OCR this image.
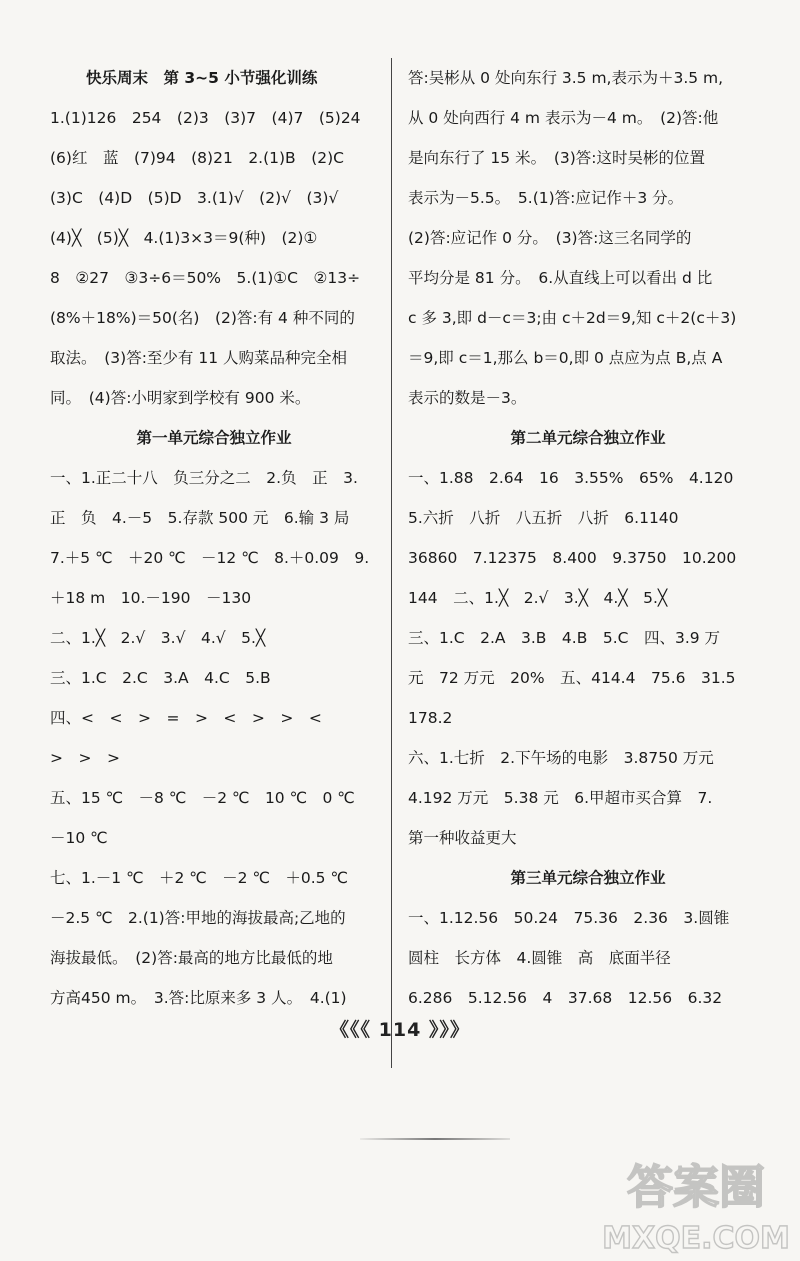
快乐周末　第 3~5 小节强化训练
1.(1)126　254　(2)3　(3)7　(4)7　(5)24
(6)红　蓝　(7)94　(8)21　2.(1)B　(2)C
(3)C　(4)D　(5)D　3.(1)√　(2)√　(3)√
(4)╳　(5)╳　4.(1)3×3＝9(种)　(2)①
8　②27　③3÷6＝50%　5.(1)①C　②13÷
(8%＋18%)＝50(名)　(2)答:有 4 种不同的
取法。　(3)答:至少有 11 人购菜品种完全相
同。　(4)答:小明家到学校有 900 米。
第一单元综合独立作业
一、1.正二十八　负三分之二　2.负　正　3.
正　负　4.－5　5.存款 500 元　6.输 3 局
7.＋5 ℃　＋20 ℃　－12 ℃　8.＋0.09　9.
＋18 m　10.－190　－130
二、1.╳　2.√　3.√　4.√　5.╳
三、1.C　2.C　3.A　4.C　5.B
四、<　<　>　=　>　<　>　>　<
>　>　>
五、15 ℃　－8 ℃　－2 ℃　10 ℃　0 ℃
－10 ℃
七、1.－1 ℃　＋2 ℃　－2 ℃　＋0.5 ℃
－2.5 ℃　2.(1)答:甲地的海拔最高;乙地的
海拔最低。　(2)答:最高的地方比最低的地
方高450 m。　3.答:比原来多 3 人。　4.(1)
答:吴彬从 0 处向东行 3.5 m,表示为＋3.5 m,
从 0 处向西行 4 m 表示为－4 m。　(2)答:他
是向东行了 15 米。　(3)答:这时吴彬的位置
表示为－5.5。　5.(1)答:应记作＋3 分。
(2)答:应记作 0 分。　(3)答:这三名同学的
平均分是 81 分。　6.从直线上可以看出 d 比
c 多 3,即 d－c＝3;由 c＋2d＝9,知 c＋2(c＋3)
＝9,即 c＝1,那么 b＝0,即 0 点应为点 B,点 A
表示的数是－3。
第二单元综合独立作业
一、1.88　2.64　16　3.55%　65%　4.120
5.六折　八折　八五折　八折　6.1140
36860　7.12375　8.400　9.3750　10.200
144　二、1.╳　2.√　3.╳　4.╳　5.╳
三、1.C　2.A　3.B　4.B　5.C　四、3.9 万
元　72 万元　20%　五、414.4　75.6　31.5
178.2
六、1.七折　2.下午场的电影　3.8750 万元
4.192 万元　5.38 元　6.甲超市买合算　7.
第一种收益更大
第三单元综合独立作业
一、1.12.56　50.24　75.36　2.36　3.圆锥
圆柱　长方体　4.圆锥　高　底面半径
6.286　5.12.56　4　37.68　12.56　6.32
《《《 114 》》》
答案圈
MXQE.COM
